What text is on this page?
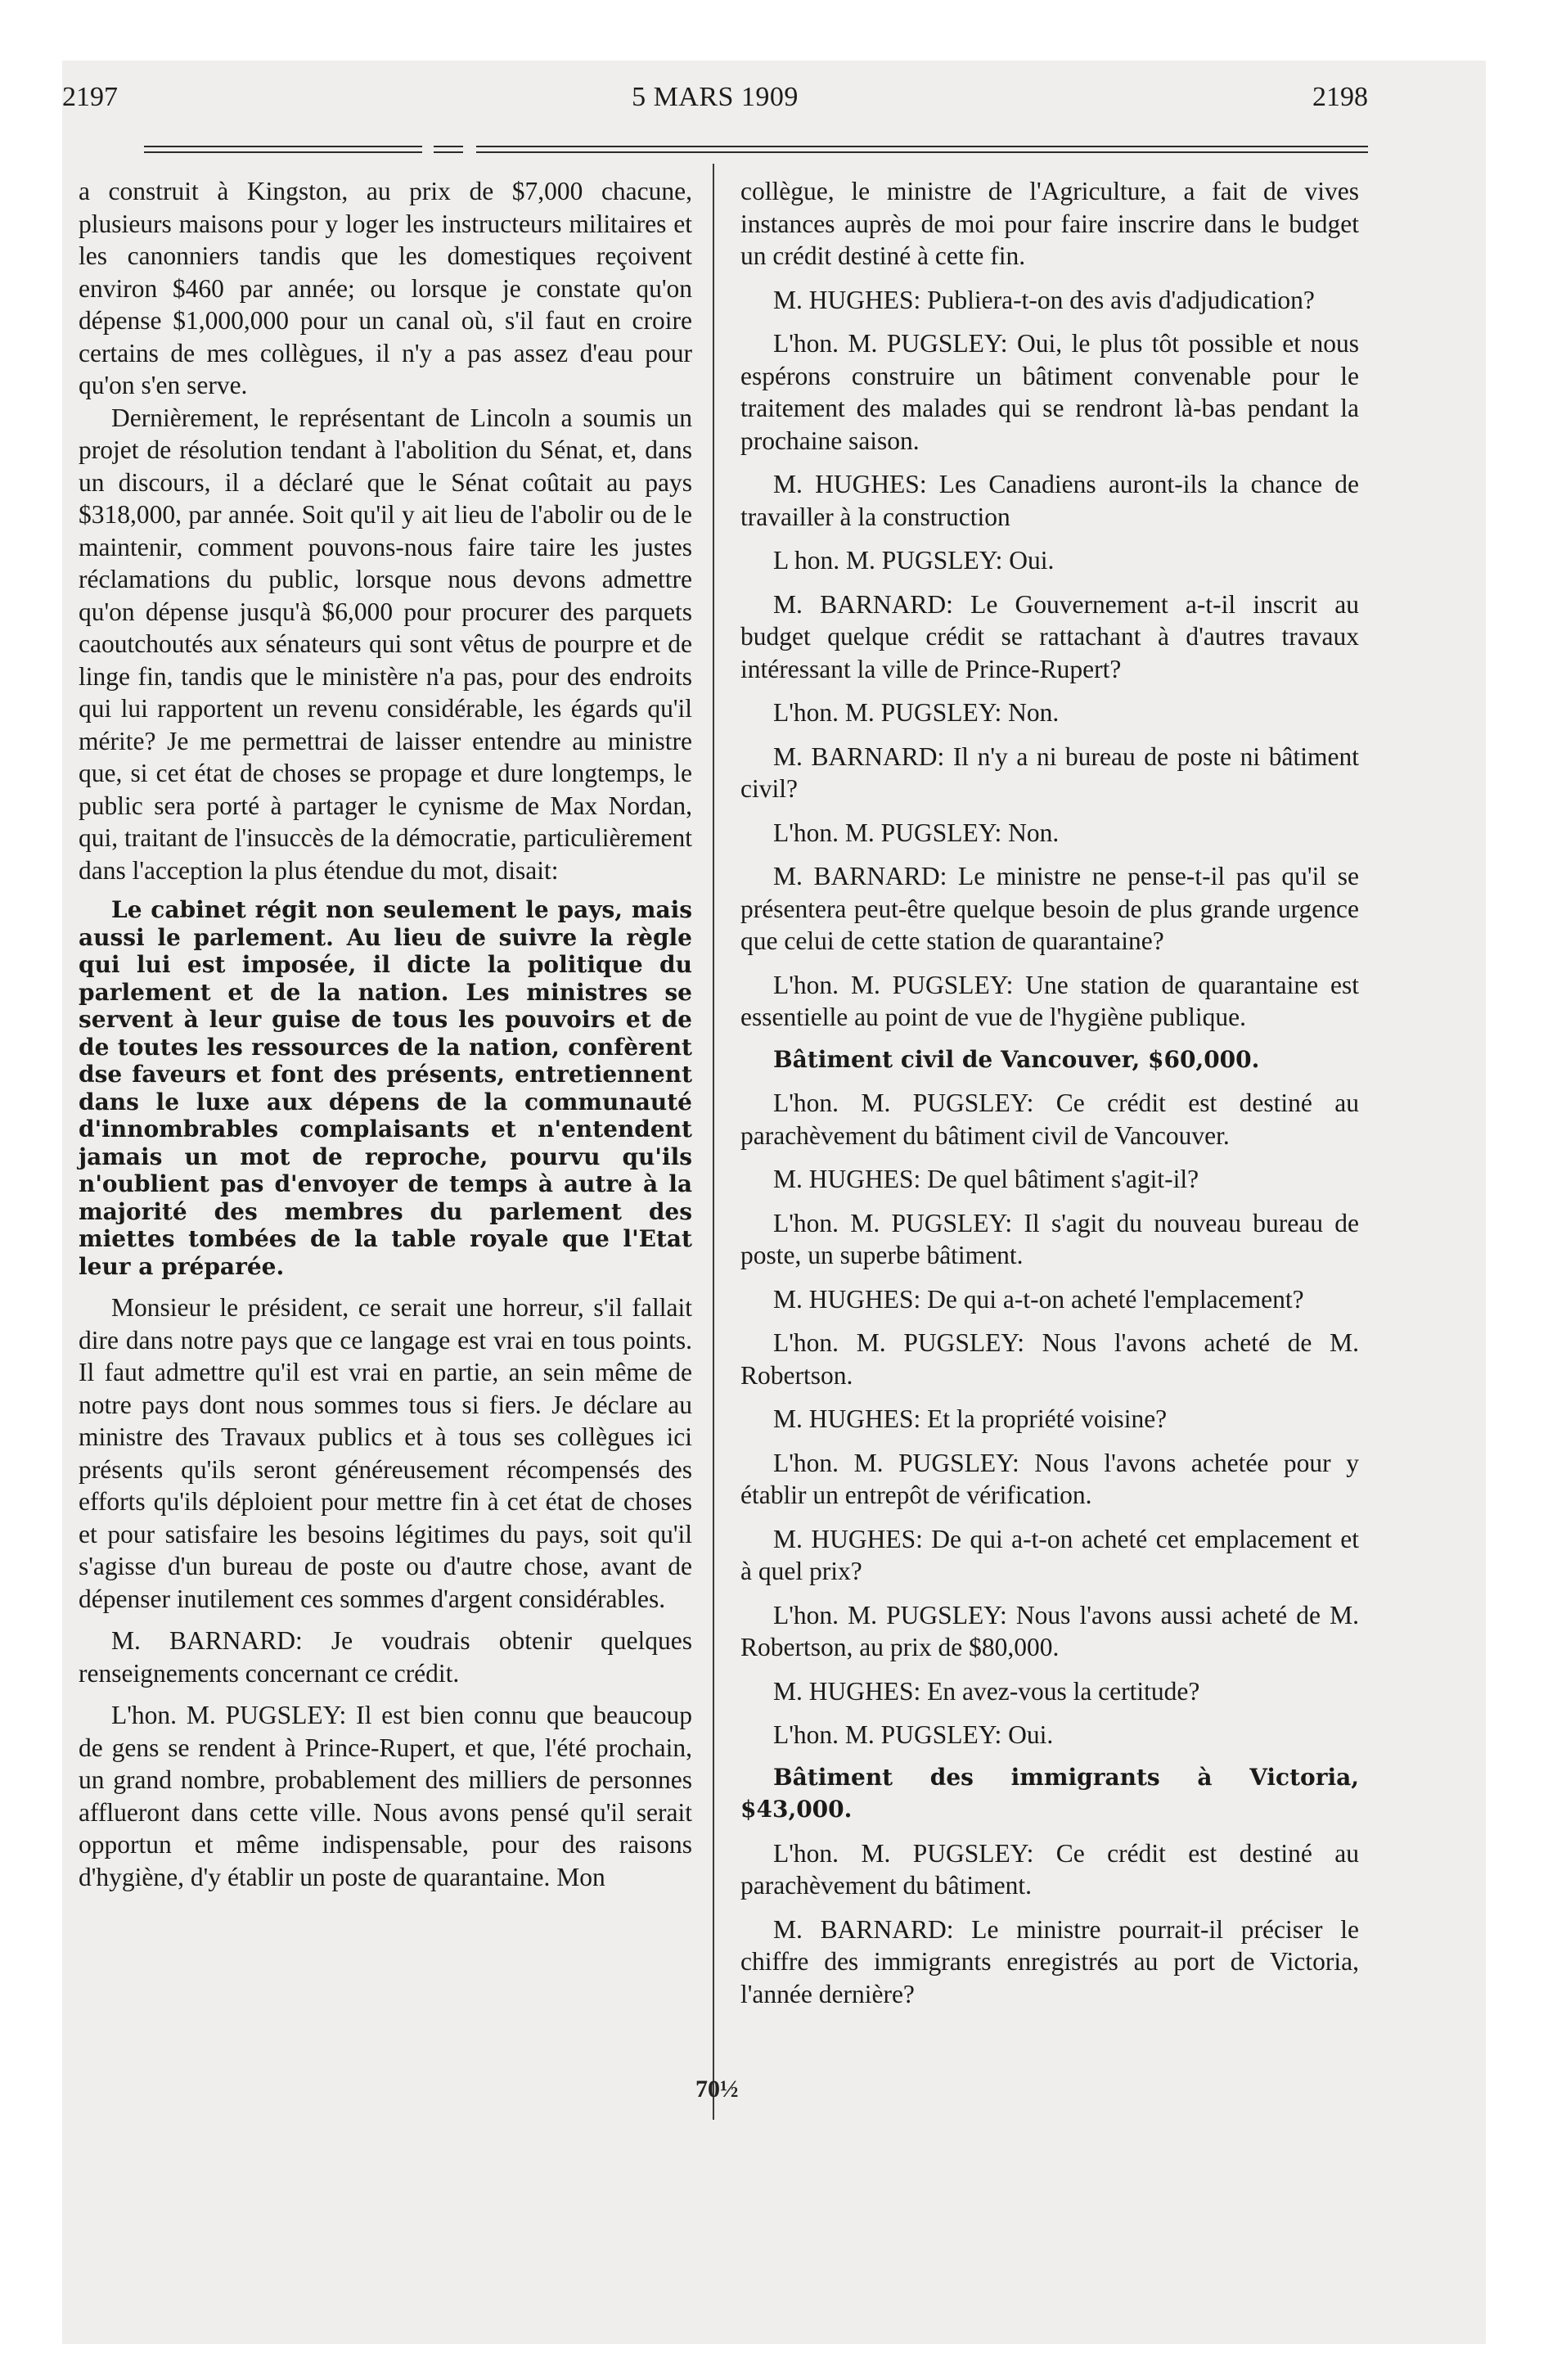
2197	5 MARS 1909	2198

a construit à Kingston, au prix de $7,000 chacune, plusieurs maisons pour y loger les instructeurs militaires et les canonniers tandis que les domestiques reçoivent environ $460 par année; ou lorsque je constate qu'on dépense $1,000,000 pour un canal où, s'il faut en croire certains de mes collègues, il n'y a pas assez d'eau pour qu'on s'en serve.

Dernièrement, le représentant de Lincoln a soumis un projet de résolution tendant à l'abolition du Sénat, et, dans un discours, il a déclaré que le Sénat coûtait au pays $318,000, par année. Soit qu'il y ait lieu de l'abolir ou de le maintenir, comment pouvons-nous faire taire les justes réclamations du public, lorsque nous devons admettre qu'on dépense jusqu'à $6,000 pour procurer des parquets caoutchoutés aux sénateurs qui sont vêtus de pourpre et de linge fin, tandis que le ministère n'a pas, pour des endroits qui lui rapportent un revenu considérable, les égards qu'il mérite? Je me permettrai de laisser entendre au ministre que, si cet état de choses se propage et dure longtemps, le public sera porté à partager le cynisme de Max Nordan, qui, traitant de l'insuccès de la démocratie, particulièrement dans l'acception la plus étendue du mot, disait:

Le cabinet régit non seulement le pays, mais aussi le parlement. Au lieu de suivre la règle qui lui est imposée, il dicte la politique du parlement et de la nation. Les ministres se servent à leur guise de tous les pouvoirs et de de toutes les ressources de la nation, confèrent dse faveurs et font des présents, entretiennent dans le luxe aux dépens de la communauté d'innombrables complaisants et n'entendent jamais un mot de reproche, pourvu qu'ils n'oublient pas d'envoyer de temps à autre à la majorité des membres du parlement des miettes tombées de la table royale que l'Etat leur a préparée.

Monsieur le président, ce serait une horreur, s'il fallait dire dans notre pays que ce langage est vrai en tous points. Il faut admettre qu'il est vrai en partie, an sein même de notre pays dont nous sommes tous si fiers. Je déclare au ministre des Travaux publics et à tous ses collègues ici présents qu'ils seront généreusement récompensés des efforts qu'ils déploient pour mettre fin à cet état de choses et pour satisfaire les besoins légitimes du pays, soit qu'il s'agisse d'un bureau de poste ou d'autre chose, avant de dépenser inutilement ces sommes d'argent considérables.

M. BARNARD: Je voudrais obtenir quelques renseignements concernant ce crédit.

L'hon. M. PUGSLEY: Il est bien connu que beaucoup de gens se rendent à Prince-Rupert, et que, l'été prochain, un grand nombre, probablement des milliers de personnes afflueront dans cette ville. Nous avons pensé qu'il serait opportun et même indispensable, pour des raisons d'hygiène, d'y établir un poste de quarantaine. Mon

collègue, le ministre de l'Agriculture, a fait de vives instances auprès de moi pour faire inscrire dans le budget un crédit destiné à cette fin.

M. HUGHES: Publiera-t-on des avis d'adjudication?

L'hon. M. PUGSLEY: Oui, le plus tôt possible et nous espérons construire un bâtiment convenable pour le traitement des malades qui se rendront là-bas pendant la prochaine saison.

M. HUGHES: Les Canadiens auront-ils la chance de travailler à la construction

L hon. M. PUGSLEY: Oui.

M. BARNARD: Le Gouvernement a-t-il inscrit au budget quelque crédit se rattachant à d'autres travaux intéressant la ville de Prince-Rupert?

L'hon. M. PUGSLEY: Non.

M. BARNARD: Il n'y a ni bureau de poste ni bâtiment civil?

L'hon. M. PUGSLEY: Non.

M. BARNARD: Le ministre ne pense-t-il pas qu'il se présentera peut-être quelque besoin de plus grande urgence que celui de cette station de quarantaine?

L'hon. M. PUGSLEY: Une station de quarantaine est essentielle au point de vue de l'hygiène publique.

Bâtiment civil de Vancouver, $60,000.

L'hon. M. PUGSLEY: Ce crédit est destiné au parachèvement du bâtiment civil de Vancouver.

M. HUGHES: De quel bâtiment s'agit-il?

L'hon. M. PUGSLEY: Il s'agit du nouveau bureau de poste, un superbe bâtiment.

M. HUGHES: De qui a-t-on acheté l'emplacement?

L'hon. M. PUGSLEY: Nous l'avons acheté de M. Robertson.

M. HUGHES: Et la propriété voisine?

L'hon. M. PUGSLEY: Nous l'avons achetée pour y établir un entrepôt de vérification.

M. HUGHES: De qui a-t-on acheté cet emplacement et à quel prix?

L'hon. M. PUGSLEY: Nous l'avons aussi acheté de M. Robertson, au prix de $80,000.

M. HUGHES: En avez-vous la certitude?

L'hon. M. PUGSLEY: Oui.

Bâtiment des immigrants à Victoria, $43,000.

L'hon. M. PUGSLEY: Ce crédit est destiné au parachèvement du bâtiment.

M. BARNARD: Le ministre pourrait-il préciser le chiffre des immigrants enregistrés au port de Victoria, l'année dernière?

70½
